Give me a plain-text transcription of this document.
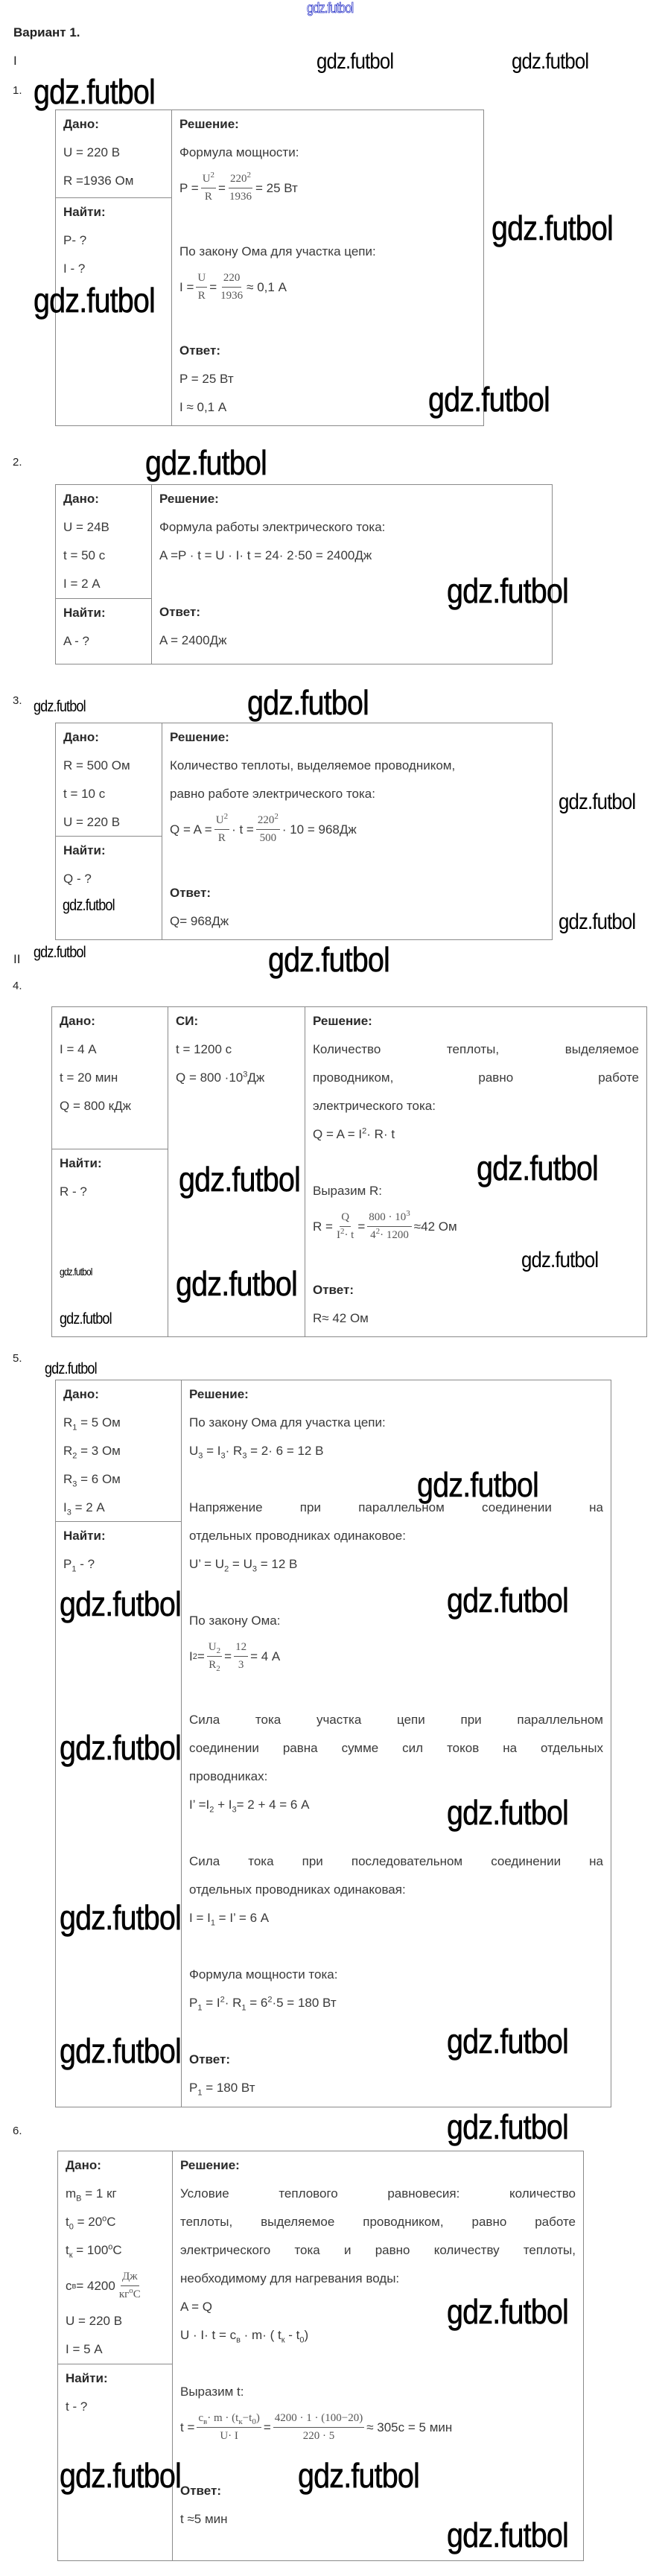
gdz.futbol
Вариант 1.
I
II
1.
2.
3.
4.
5.
6.
Дано:
U = 220 В
R =1936 Ом
Найти:
P- ?
I - ?
Решение:
Формула мощности:
$P = \frac{U^2}{R} = \frac{220^2}{1936} = 25$ Вт
По закону Ома для участка цепи:
$I = \frac{U}{R} = \frac{220}{1936} \approx 0,1$ А
Ответ:
P = 25 Вт
I ≈ 0,1 А
Дано:
U = 24В
t = 50 с
I = 2 А
Найти:
A - ?
Решение:
Формула работы электрического тока:
A =P · t = U · I· t = 24· 2·50 = 2400Дж
Ответ:
A = 2400Дж
Дано:
R = 500 Ом
t = 10 с
U = 220 В
Найти:
Q - ?
Решение:
Количество теплоты, выделяемое проводником,
равно работе электрического тока:
$Q = A = \frac{U^2}{R} \cdot t = \frac{220^2}{500} \cdot 10 = 968Дж$
Ответ:
Q= 968Дж
Дано:
I = 4 А
t = 20 мин
Q = 800 кДж
Найти:
R - ?
СИ:
t = 1200 с
$Q = 800 \cdot 10^3Дж$
Решение:
Количество теплоты, выделяемое
проводником, равно работе
электрического тока:
$Q = A = I^2\cdot R\cdot t$
Выразим R:
$R = \frac{Q}{I^2\cdot t} = \frac{800 \cdot 10^3}{4^2\cdot 1200} \approx 42$ Ом
Ответ:
R≈ 42 Ом
Дано:
$R_1 = 5$ Ом
$R_2 = 3$ Ом
$R_3 = 6$ Ом
$I_3 = 2$ А
Найти:
$P_1$ - ?
Решение:
По закону Ома для участка цепи:
$U_3 = I_3\cdot R_3 = 2\cdot 6 = 12$ В
Напряжение при параллельном соединении на
отдельных проводниках одинаковое:
U’ = $U_2 = U_3 = 12$ В
По закону Ома:
I $2 = \frac{U_2}{R_2} = \frac{12}{3} = 4$ А
Сила тока участка цепи при параллельном
соединении равна сумме сил токов на отдельных
проводниках:
I’ $=I_2 + I_3= 2 + 4 = 6$ А
Сила тока при последовательном соединении на
отдельных проводниках одинаковая:
$I = I_1 = I$’ = 6 А
Формула мощности тока:
$P_1 = I^2\cdot R_1 = 6^2\cdot 5 = 180$ Вт
Ответ:
$P_1 = 180$ Вт
Дано:
$m_В = 1$ кг
$t_0 = 20^oC$
$t_к = 100^oC$
c $в = 4200 \frac{Дж}{кг^oC}$
U = 220 В
I = 5 А
Найти:
t - ?
Решение:
Условие теплового равновесия: количество
теплоты, выделяемое проводником, равно работе
электрического тока и равно количеству теплоты,
необходимому для нагревания воды:
A = Q
$U \cdot I\cdot t = c_в \cdot m\cdot$ ( $t_к - t_0$)
Выразим t:
$t = \frac{c_в\cdot m \cdot (t_к-t_0)}{U\cdot I} = \frac{4200 \cdot 1 \cdot (100-20)}{220 \cdot 5} \approx 305с = 5$ мин
Ответ:
t ≈5 мин
gdz.futbol	gdz.futbol
gdz.futbol
gdz.futbol
gdz.futbol
gdz.futbol
gdz.futbol
gdz.futbol
gdz.futbol	gdz.futbol
gdz.futbol
gdz.futbol
gdz.futbol
gdz.futbol
gdz.futbol
gdz.futbol	gdz.futbol
gdz.futbol gdz.futbol
gdz.futbol
gdz.futbol
gdz.futbol
gdz.futbol
gdz.futbol	gdz.futbol
gdz.futbol
gdz.futbol
gdz.futbol
gdz.futbol
gdz.futbol
gdz.futbol
gdz.futbol
gdz.futbol
gdz.futbol
gdz.futbol
